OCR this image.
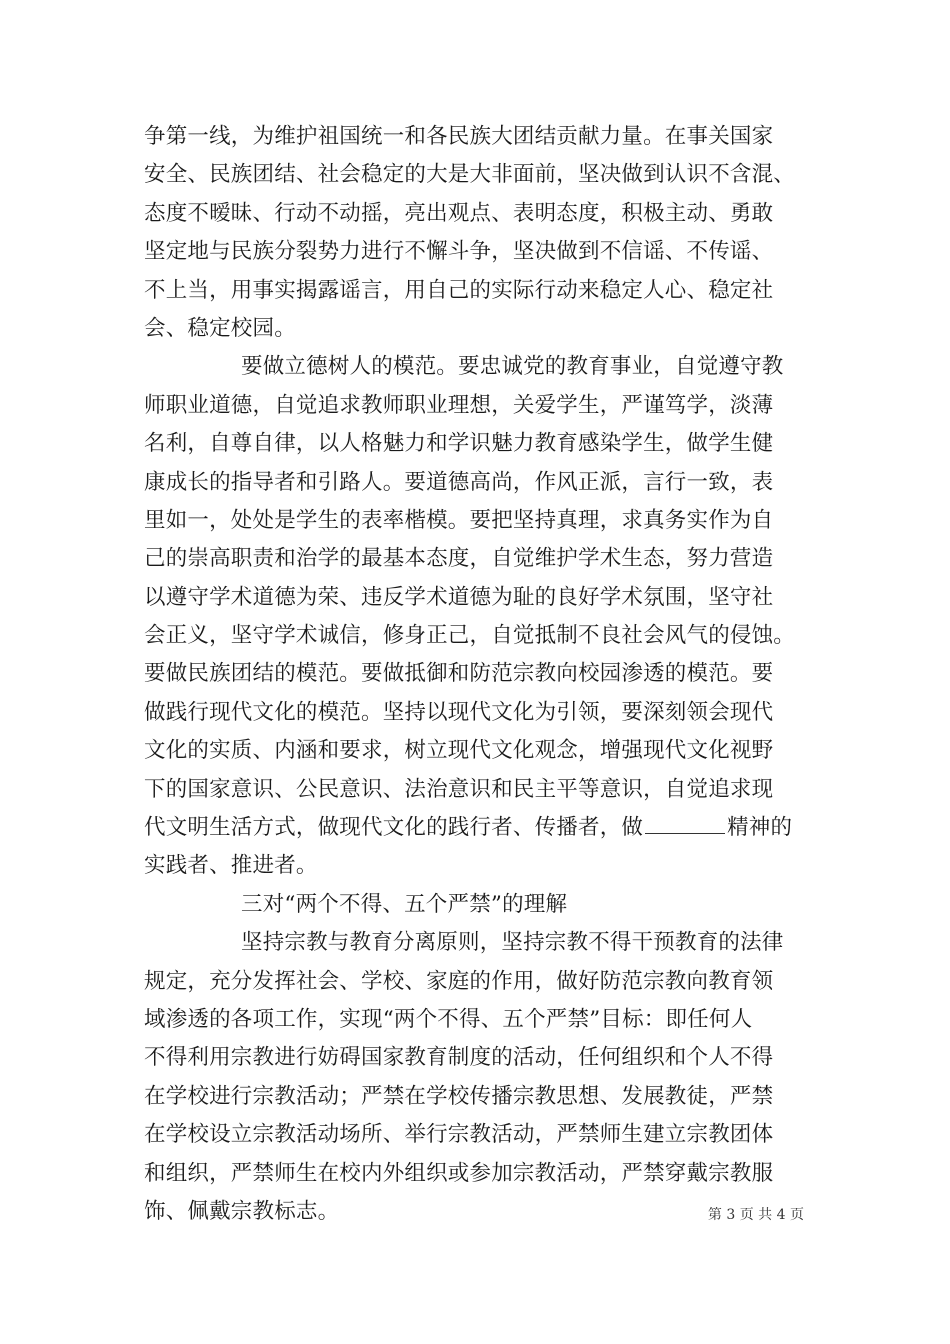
争第一线，为维护祖国统一和各民族大团结贡献力量。在事关国家
安全、民族团结、社会稳定的大是大非面前，坚决做到认识不含混、
态度不暧昧、行动不动摇，亮出观点、表明态度，积极主动、勇敢
坚定地与民族分裂势力进行不懈斗争，坚决做到不信谣、不传谣、
不上当，用事实揭露谣言，用自己的实际行动来稳定人心、稳定社
会、稳定校园。
要做立德树人的模范。要忠诚党的教育事业，自觉遵守教
师职业道德，自觉追求教师职业理想，关爱学生，严谨笃学，淡薄
名利，自尊自律，以人格魅力和学识魅力教育感染学生，做学生健
康成长的指导者和引路人。要道德高尚，作风正派，言行一致，表
里如一，处处是学生的表率楷模。要把坚持真理，求真务实作为自
己的崇高职责和治学的最基本态度，自觉维护学术生态，努力营造
以遵守学术道德为荣、违反学术道德为耻的良好学术氛围，坚守社
会正义，坚守学术诚信，修身正己，自觉抵制不良社会风气的侵蚀。
要做民族团结的模范。要做抵御和防范宗教向校园渗透的模范。要
做践行现代文化的模范。坚持以现代文化为引领，要深刻领会现代
文化的实质、内涵和要求，树立现代文化观念，增强现代文化视野
下的国家意识、公民意识、法治意识和民主平等意识，自觉追求现
代文明生活方式，做现代文化的践行者、传播者，做	精神的
实践者、推进者。
三对“两个不得、五个严禁”的理解
坚持宗教与教育分离原则，坚持宗教不得干预教育的法律
规定，充分发挥社会、学校、家庭的作用，做好防范宗教向教育领
域渗透的各项工作，实现“两个不得、五个严禁”目标：即任何人
不得利用宗教进行妨碍国家教育制度的活动，任何组织和个人不得
在学校进行宗教活动；严禁在学校传播宗教思想、发展教徒，严禁
在学校设立宗教活动场所、举行宗教活动，严禁师生建立宗教团体
和组织，严禁师生在校内外组织或参加宗教活动，严禁穿戴宗教服
饰、佩戴宗教标志。	第 3 页 共 4 页
